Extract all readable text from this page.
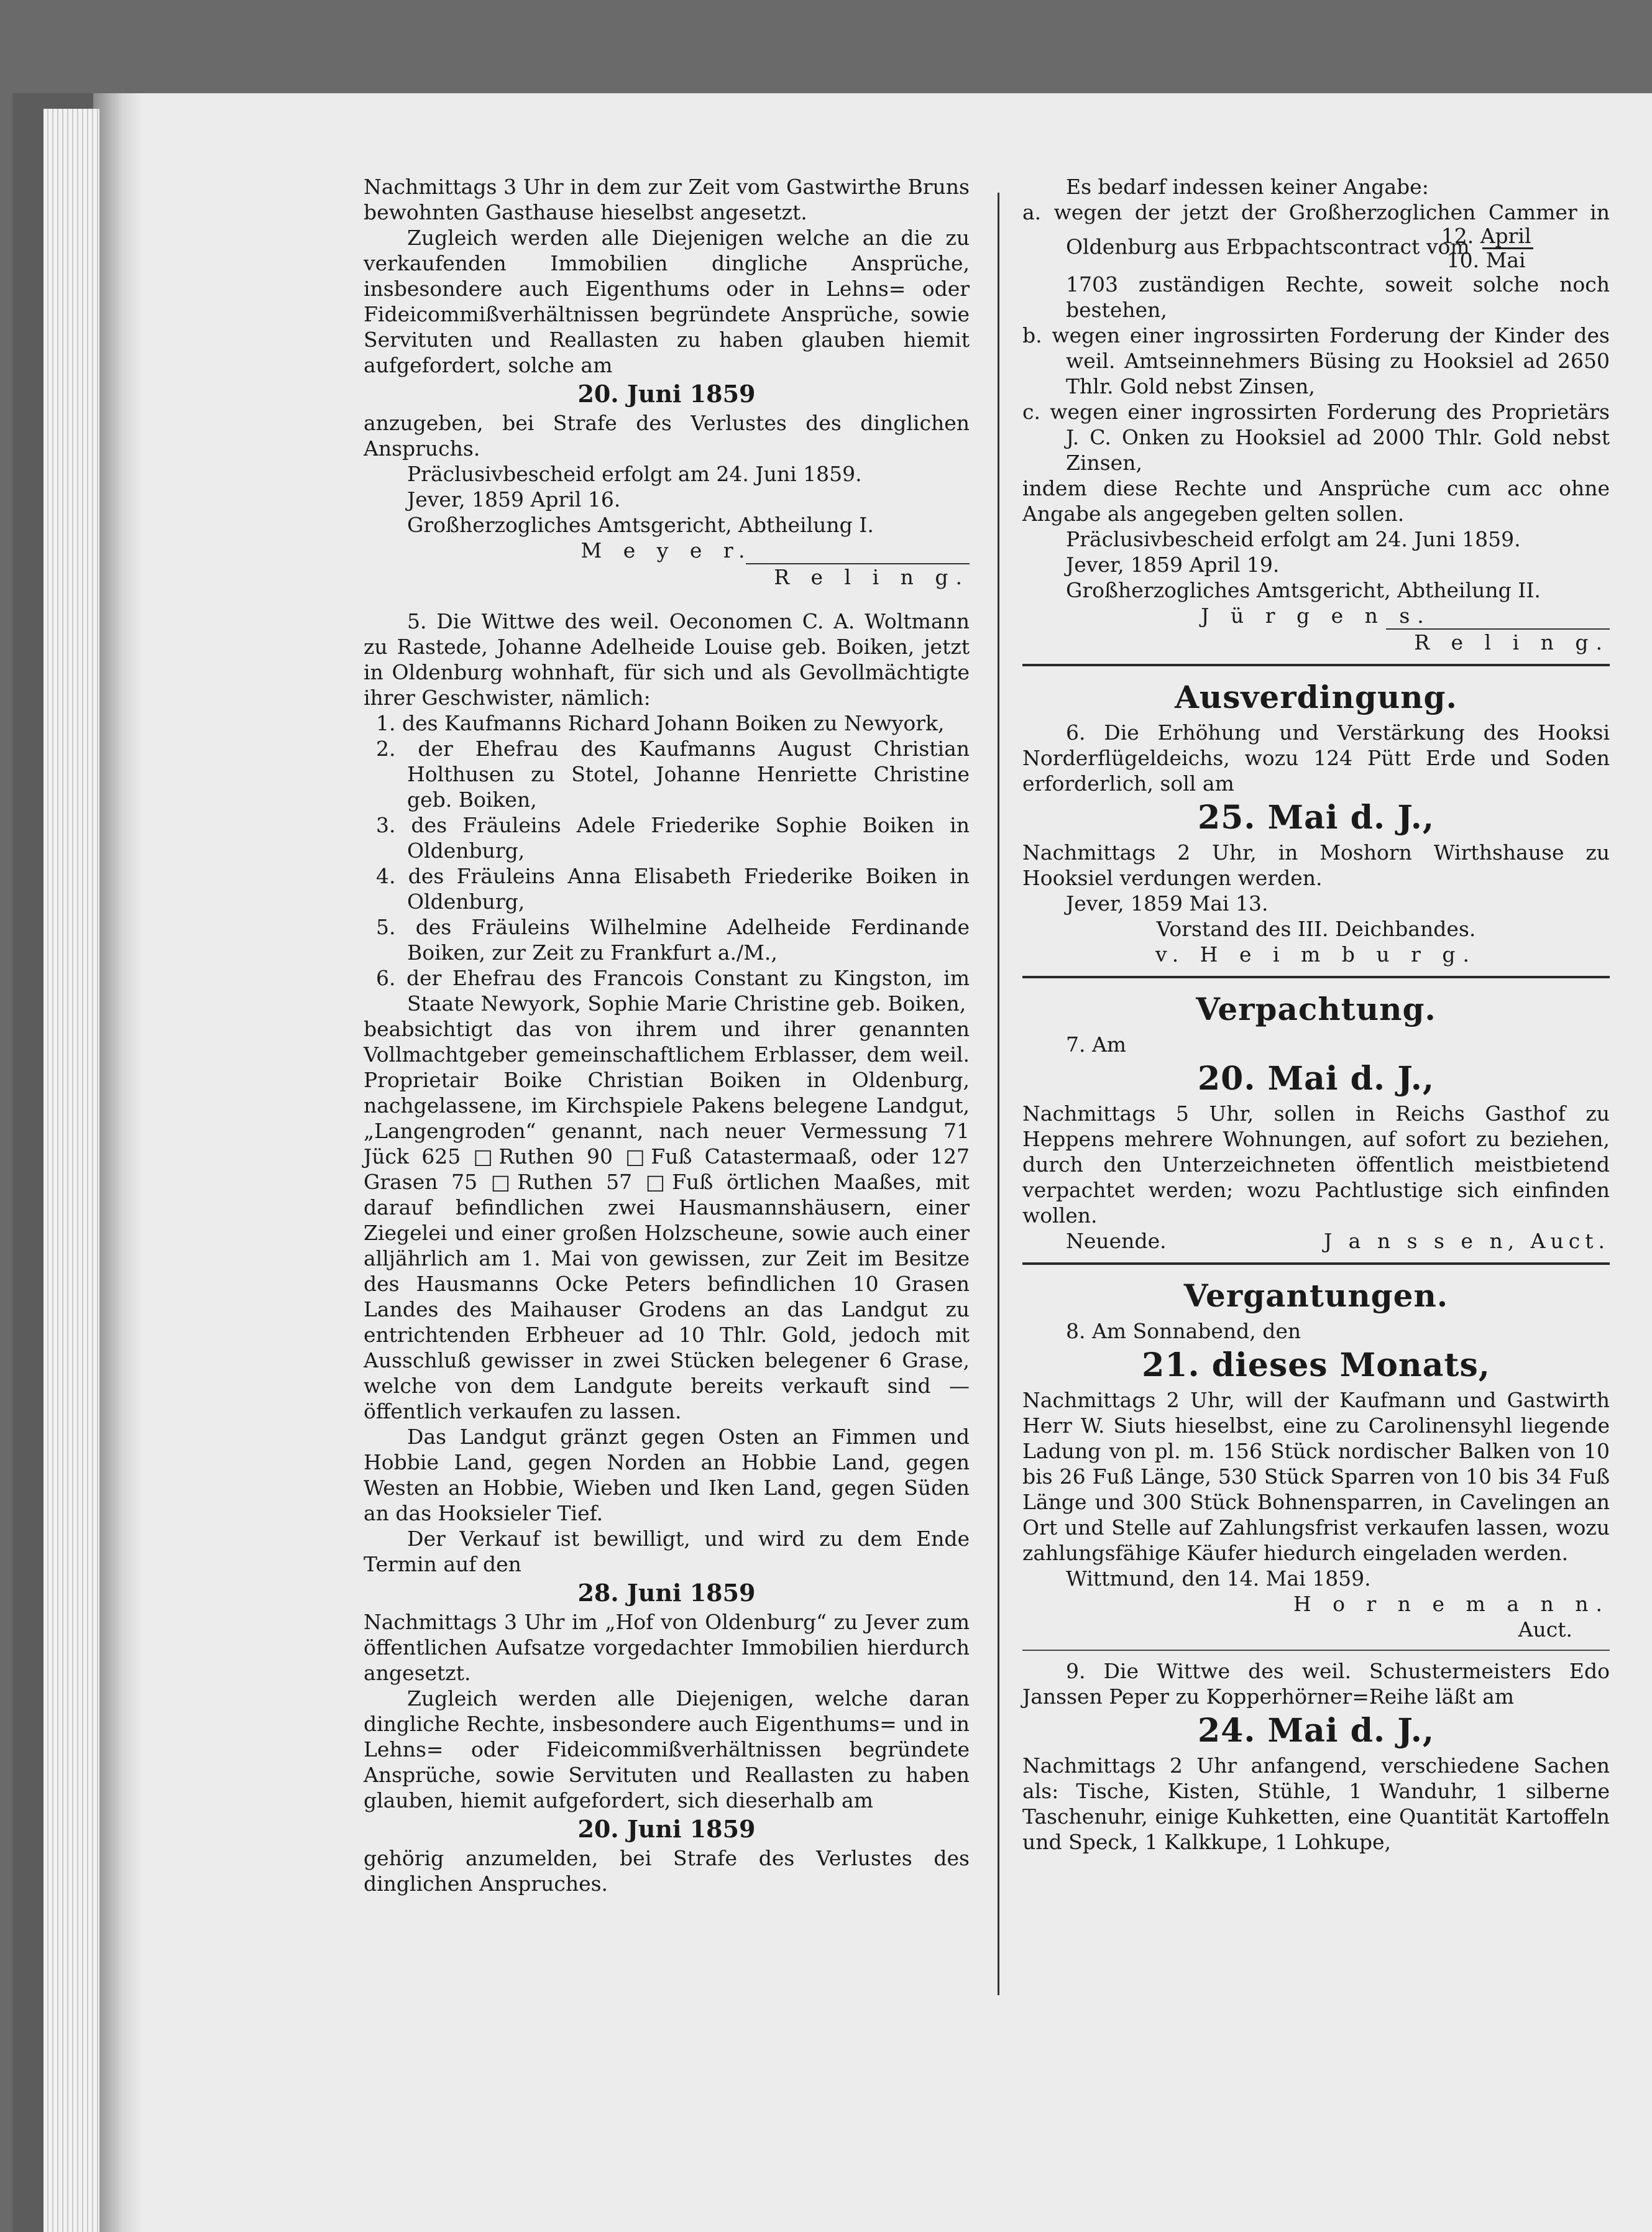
Nachmittags 3 Uhr in dem zur Zeit vom Gastwirthe Bruns bewohnten Gasthause hieselbst angesetzt.

Zugleich werden alle Diejenigen welche an die zu verkaufenden Immobilien dingliche Ansprüche, insbesondere auch Eigenthums oder in Lehns= oder Fideicommißverhältnissen begründete Ansprüche, sowie Servituten und Reallasten zu haben glauben hiemit aufgefordert, solche am

20. Juni 1859

anzugeben, bei Strafe des Verlustes des dinglichen Anspruchs.

Präclusivbescheid erfolgt am 24. Juni 1859.

Jever, 1859 April 16.

Großherzogliches Amtsgericht, Abtheilung I.

M e y e r.

R e l i n g.

5. Die Wittwe des weil. Oeconomen C. A. Woltmann zu Rastede, Johanne Adelheide Louise geb. Boiken, jetzt in Oldenburg wohnhaft, für sich und als Gevollmächtigte ihrer Geschwister, nämlich:

1. des Kaufmanns Richard Johann Boiken zu Newyork,

2. der Ehefrau des Kaufmanns August Christian Holthusen zu Stotel, Johanne Henriette Christine geb. Boiken,

3. des Fräuleins Adele Friederike Sophie Boiken in Oldenburg,

4. des Fräuleins Anna Elisabeth Friederike Boiken in Oldenburg,

5. des Fräuleins Wilhelmine Adelheide Ferdinande Boiken, zur Zeit zu Frankfurt a./M.,

6. der Ehefrau des Francois Constant zu Kingston, im Staate Newyork, Sophie Marie Christine geb. Boiken,

beabsichtigt das von ihrem und ihrer genannten Vollmachtgeber gemeinschaftlichem Erblasser, dem weil. Proprietair Boike Christian Boiken in Oldenburg, nachgelassene, im Kirchspiele Pakens belegene Landgut, „Langengroden“ genannt, nach neuer Vermessung 71 Jück 625 □Ruthen 90 □Fuß Catastermaaß, oder 127 Grasen 75 □Ruthen 57 □Fuß örtlichen Maaßes, mit darauf befindlichen zwei Hausmannshäusern, einer Ziegelei und einer großen Holzscheune, sowie auch einer alljährlich am 1. Mai von gewissen, zur Zeit im Besitze des Hausmanns Ocke Peters befindlichen 10 Grasen Landes des Maihauser Grodens an das Landgut zu entrichtenden Erbheuer ad 10 Thlr. Gold, jedoch mit Ausschluß gewisser in zwei Stücken belegener 6 Grase, welche von dem Landgute bereits verkauft sind — öffentlich verkaufen zu lassen.

Das Landgut gränzt gegen Osten an Fimmen und Hobbie Land, gegen Norden an Hobbie Land, gegen Westen an Hobbie, Wieben und Iken Land, gegen Süden an das Hooksieler Tief.

Der Verkauf ist bewilligt, und wird zu dem Ende Termin auf den

28. Juni 1859

Nachmittags 3 Uhr im „Hof von Oldenburg“ zu Jever zum öffentlichen Aufsatze vorgedachter Immobilien hierdurch angesetzt.

Zugleich werden alle Diejenigen, welche daran dingliche Rechte, insbesondere auch Eigenthums= und in Lehns= oder Fideicommißverhältnissen begründete Ansprüche, sowie Servituten und Reallasten zu haben glauben, hiemit aufgefordert, sich dieserhalb am

20. Juni 1859

gehörig anzumelden, bei Strafe des Verlustes des dinglichen Anspruches.

Es bedarf indessen keiner Angabe:

a. wegen der jetzt der Großherzoglichen Cammer in Oldenburg aus Erbpachtscontract vom $\frac{\text{12. April}}{\text{10. Mai}}$

1703 zuständigen Rechte, soweit solche noch bestehen,

b. wegen einer ingrossirten Forderung der Kinder des weil. Amtseinnehmers Büsing zu Hooksiel ad 2650 Thlr. Gold nebst Zinsen,

c. wegen einer ingrossirten Forderung des Proprietärs J. C. Onken zu Hooksiel ad 2000 Thlr. Gold nebst Zinsen,

indem diese Rechte und Ansprüche cum acc ohne Angabe als angegeben gelten sollen.

Präclusivbescheid erfolgt am 24. Juni 1859.

Jever, 1859 April 19.

Großherzogliches Amtsgericht, Abtheilung II.

J ü r g e n s.

R e l i n g.

Ausverdingung.

6. Die Erhöhung und Verstärkung des Hooksi Norderflügeldeichs, wozu 124 Pütt Erde und Soden erforderlich, soll am

25. Mai d. J.,

Nachmittags 2 Uhr, in Moshorn Wirthshause zu Hooksiel verdungen werden.

Jever, 1859 Mai 13.

Vorstand des III. Deichbandes.

v. H e i m b u r g.

Verpachtung.

7. Am

20. Mai d. J.,

Nachmittags 5 Uhr, sollen in Reichs Gasthof zu Heppens mehrere Wohnungen, auf sofort zu beziehen, durch den Unterzeichneten öffentlich meistbietend verpachtet werden; wozu Pachtlustige sich einfinden wollen.

Neuende.	J a n s s e n, Auct.

Vergantungen.

8. Am Sonnabend, den

21. dieses Monats,

Nachmittags 2 Uhr, will der Kaufmann und Gastwirth Herr W. Siuts hieselbst, eine zu Carolinensyhl liegende Ladung von pl. m. 156 Stück nordischer Balken von 10 bis 26 Fuß Länge, 530 Stück Sparren von 10 bis 34 Fuß Länge und 300 Stück Bohnensparren, in Cavelingen an Ort und Stelle auf Zahlungsfrist verkaufen lassen, wozu zahlungsfähige Käufer hiedurch eingeladen werden.

Wittmund, den 14. Mai 1859.

H o r n e m a n n.

Auct.

9. Die Wittwe des weil. Schustermeisters Edo Janssen Peper zu Kopperhörner=Reihe läßt am

24. Mai d. J.,

Nachmittags 2 Uhr anfangend, verschiedene Sachen als: Tische, Kisten, Stühle, 1 Wanduhr, 1 silberne Taschenuhr, einige Kuhketten, eine Quantität Kartoffeln und Speck, 1 Kalkkupe, 1 Lohkupe,
